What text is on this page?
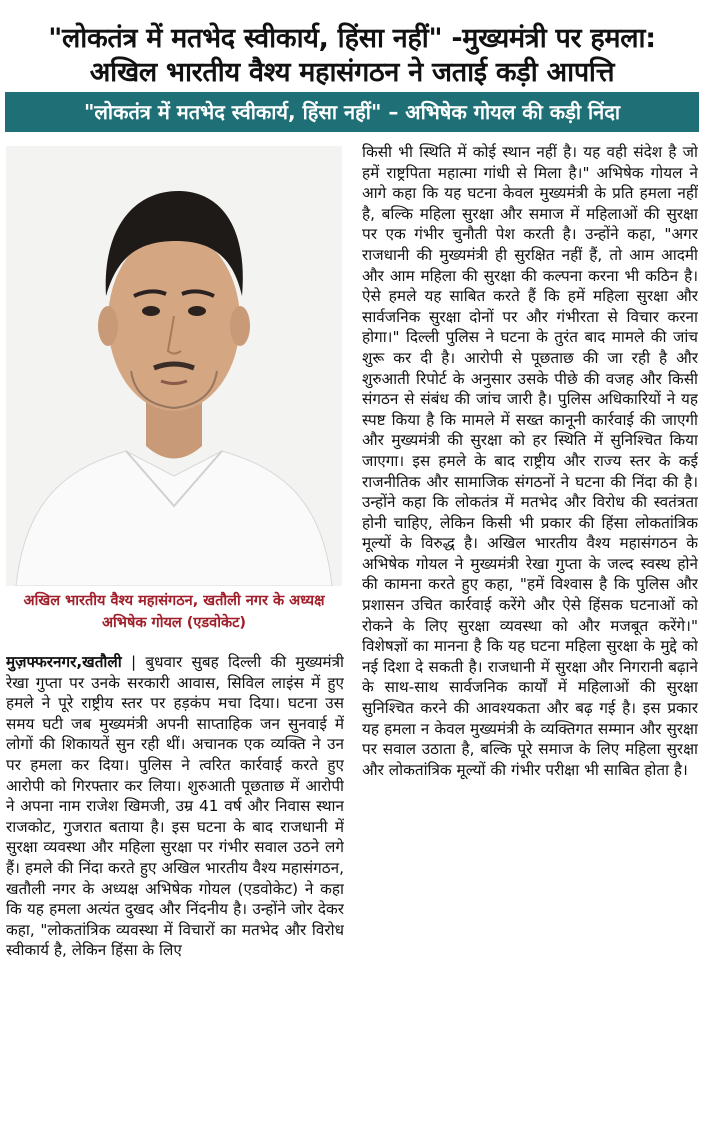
"लोकतंत्र में मतभेद स्वीकार्य, हिंसा नहीं" -मुख्यमंत्री पर हमला:
अखिल भारतीय वैश्य महासंगठन ने जताई कड़ी आपत्ति
"लोकतंत्र में मतभेद स्वीकार्य, हिंसा नहीं" – अभिषेक गोयल की कड़ी निंदा
अखिल भारतीय वैश्य महासंगठन, खतौली नगर के अध्यक्ष अभिषेक गोयल (एडवोकेट)
मुज़फ्फरनगर,खतौली | बुधवार सुबह दिल्ली की मुख्यमंत्री रेखा गुप्ता पर उनके सरकारी आवास, सिविल लाइंस में हुए हमले ने पूरे राष्ट्रीय स्तर पर हड़कंप मचा दिया। घटना उस समय घटी जब मुख्यमंत्री अपनी साप्ताहिक जन सुनवाई में लोगों की शिकायतें सुन रही थीं। अचानक एक व्यक्ति ने उन पर हमला कर दिया। पुलिस ने त्वरित कार्रवाई करते हुए आरोपी को गिरफ्तार कर लिया। शुरुआती पूछताछ में आरोपी ने अपना नाम राजेश खिमजी, उम्र 41 वर्ष और निवास स्थान राजकोट, गुजरात बताया है। इस घटना के बाद राजधानी में सुरक्षा व्यवस्था और महिला सुरक्षा पर गंभीर सवाल उठने लगे हैं। हमले की निंदा करते हुए अखिल भारतीय वैश्य महासंगठन, खतौली नगर के अध्यक्ष अभिषेक गोयल (एडवोकेट) ने कहा कि यह हमला अत्यंत दुखद और निंदनीय है। उन्होंने जोर देकर कहा, "लोकतांत्रिक व्यवस्था में विचारों का मतभेद और विरोध स्वीकार्य है, लेकिन हिंसा के लिए
किसी भी स्थिति में कोई स्थान नहीं है। यह वही संदेश है जो हमें राष्ट्रपिता महात्मा गांधी से मिला है।" अभिषेक गोयल ने आगे कहा कि यह घटना केवल मुख्यमंत्री के प्रति हमला नहीं है, बल्कि महिला सुरक्षा और समाज में महिलाओं की सुरक्षा पर एक गंभीर चुनौती पेश करती है। उन्होंने कहा, "अगर राजधानी की मुख्यमंत्री ही सुरक्षित नहीं हैं, तो आम आदमी और आम महिला की सुरक्षा की कल्पना करना भी कठिन है। ऐसे हमले यह साबित करते हैं कि हमें महिला सुरक्षा और सार्वजनिक सुरक्षा दोनों पर और गंभीरता से विचार करना होगा।" दिल्ली पुलिस ने घटना के तुरंत बाद मामले की जांच शुरू कर दी है। आरोपी से पूछताछ की जा रही है और शुरुआती रिपोर्ट के अनुसार उसके पीछे की वजह और किसी संगठन से संबंध की जांच जारी है। पुलिस अधिकारियों ने यह स्पष्ट किया है कि मामले में सख्त कानूनी कार्रवाई की जाएगी और मुख्यमंत्री की सुरक्षा को हर स्थिति में सुनिश्चित किया जाएगा। इस हमले के बाद राष्ट्रीय और राज्य स्तर के कई राजनीतिक और सामाजिक संगठनों ने घटना की निंदा की है। उन्होंने कहा कि लोकतंत्र में मतभेद और विरोध की स्वतंत्रता होनी चाहिए, लेकिन किसी भी प्रकार की हिंसा लोकतांत्रिक मूल्यों के विरुद्ध है। अखिल भारतीय वैश्य महासंगठन के अभिषेक गोयल ने मुख्यमंत्री रेखा गुप्ता के जल्द स्वस्थ होने की कामना करते हुए कहा, "हमें विश्वास है कि पुलिस और प्रशासन उचित कार्रवाई करेंगे और ऐसे हिंसक घटनाओं को रोकने के लिए सुरक्षा व्यवस्था को और मजबूत करेंगे।" विशेषज्ञों का मानना है कि यह घटना महिला सुरक्षा के मुद्दे को नई दिशा दे सकती है। राजधानी में सुरक्षा और निगरानी बढ़ाने के साथ-साथ सार्वजनिक कार्यों में महिलाओं की सुरक्षा सुनिश्चित करने की आवश्यकता और बढ़ गई है। इस प्रकार यह हमला न केवल मुख्यमंत्री के व्यक्तिगत सम्मान और सुरक्षा पर सवाल उठाता है, बल्कि पूरे समाज के लिए महिला सुरक्षा और लोकतांत्रिक मूल्यों की गंभीर परीक्षा भी साबित होता है।
